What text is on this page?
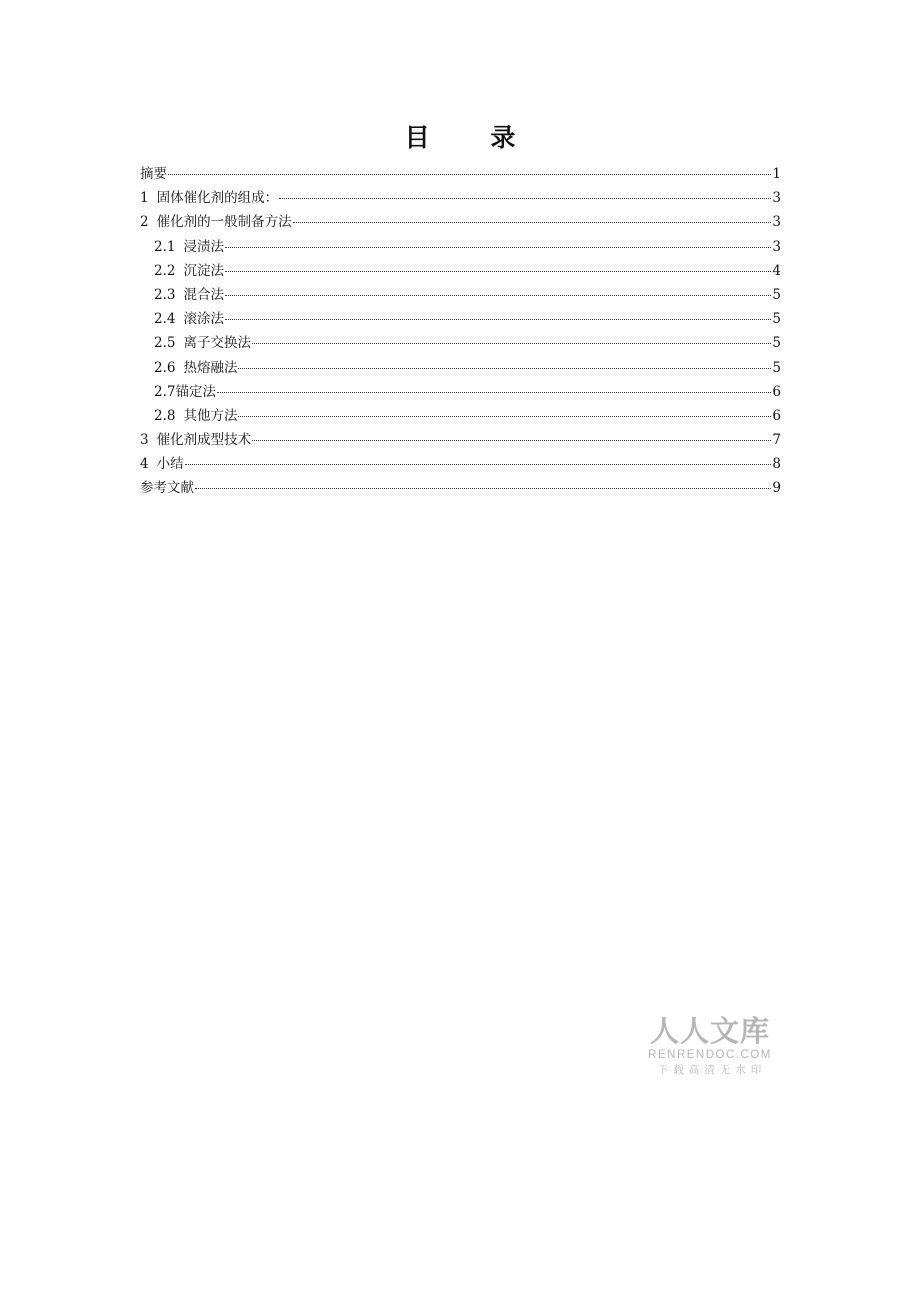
目 录
摘要	1
1 固体催化剂的组成：	3
2 催化剂的一般制备方法	3
2.1 浸渍法	3
2.2 沉淀法	4
2.3 混合法	5
2.4 滚涂法	5
2.5 离子交换法	5
2.6 热熔融法	5
2.7 锚定法	6
2.8 其他方法	6
3 催化剂成型技术	7
4 小结	8
参考文献	9
人人文库
RENRENDOC.COM
下载高清无水印
